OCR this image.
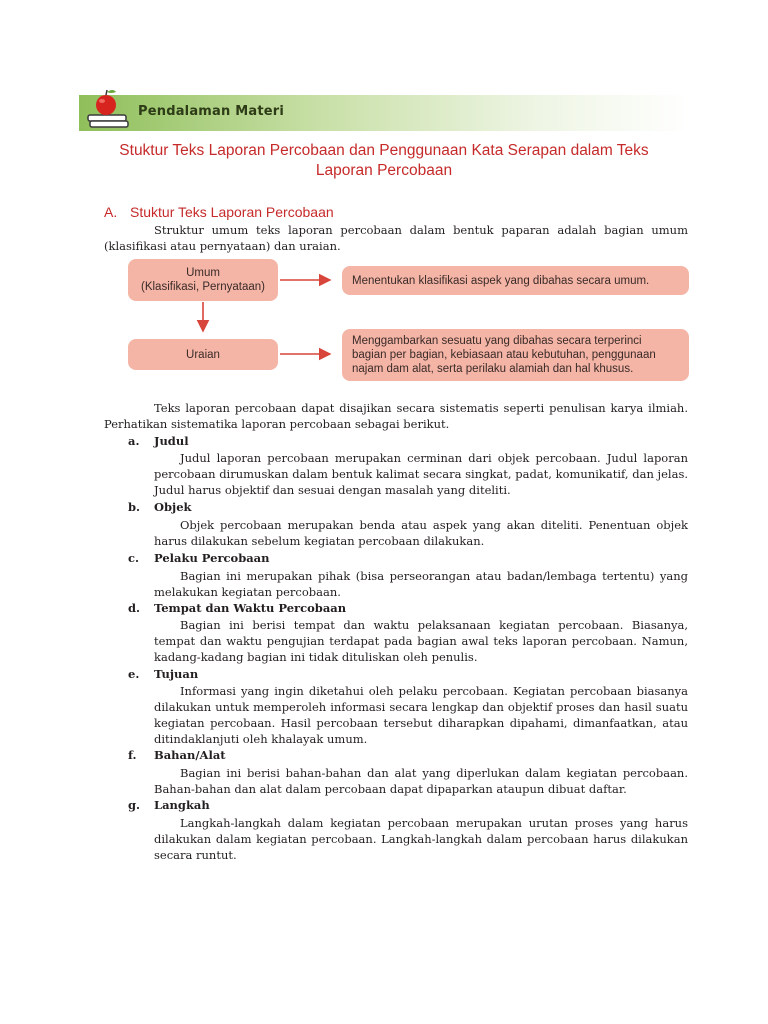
Pendalaman Materi
Stuktur Teks Laporan Percobaan dan Penggunaan Kata Serapan dalam Teks
Laporan Percobaan
A. Stuktur Teks Laporan Percobaan
Struktur umum teks laporan percobaan dalam bentuk paparan adalah bagian umum (klasifikasi atau pernyataan) dan uraian.
Umum
(Klasifikasi, Pernyataan)
Menentukan klasifikasi aspek yang dibahas secara umum.
Uraian
Menggambarkan sesuatu yang dibahas secara terperinci bagian per bagian, kebiasaan atau kebutuhan, penggunaan najam dam alat, serta perilaku alamiah dan hal khusus.
Teks laporan percobaan dapat disajikan secara sistematis seperti penulisan karya ilmiah. Perhatikan sistematika laporan percobaan sebagai berikut.
a. Judul
Judul laporan percobaan merupakan cerminan dari objek percobaan. Judul laporan percobaan dirumuskan dalam bentuk kalimat secara singkat, padat, komunikatif, dan jelas. Judul harus objektif dan sesuai dengan masalah yang diteliti.
b. Objek
Objek percobaan merupakan benda atau aspek yang akan diteliti. Penentuan objek harus dilakukan sebelum kegiatan percobaan dilakukan.
c. Pelaku Percobaan
Bagian ini merupakan pihak (bisa perseorangan atau badan/lembaga tertentu) yang melakukan kegiatan percobaan.
d. Tempat dan Waktu Percobaan
Bagian ini berisi tempat dan waktu pelaksanaan kegiatan percobaan. Biasanya, tempat dan waktu pengujian terdapat pada bagian awal teks laporan percobaan. Namun, kadang-kadang bagian ini tidak dituliskan oleh penulis.
e. Tujuan
Informasi yang ingin diketahui oleh pelaku percobaan. Kegiatan percobaan biasanya dilakukan untuk memperoleh informasi secara lengkap dan objektif proses dan hasil suatu kegiatan percobaan. Hasil percobaan tersebut diharapkan dipahami, dimanfaatkan, atau ditindaklanjuti oleh khalayak umum.
f. Bahan/Alat
Bagian ini berisi bahan-bahan dan alat yang diperlukan dalam kegiatan percobaan. Bahan-bahan dan alat dalam percobaan dapat dipaparkan ataupun dibuat daftar.
g. Langkah
Langkah-langkah dalam kegiatan percobaan merupakan urutan proses yang harus dilakukan dalam kegiatan percobaan. Langkah-langkah dalam percobaan harus dilakukan secara runtut.
